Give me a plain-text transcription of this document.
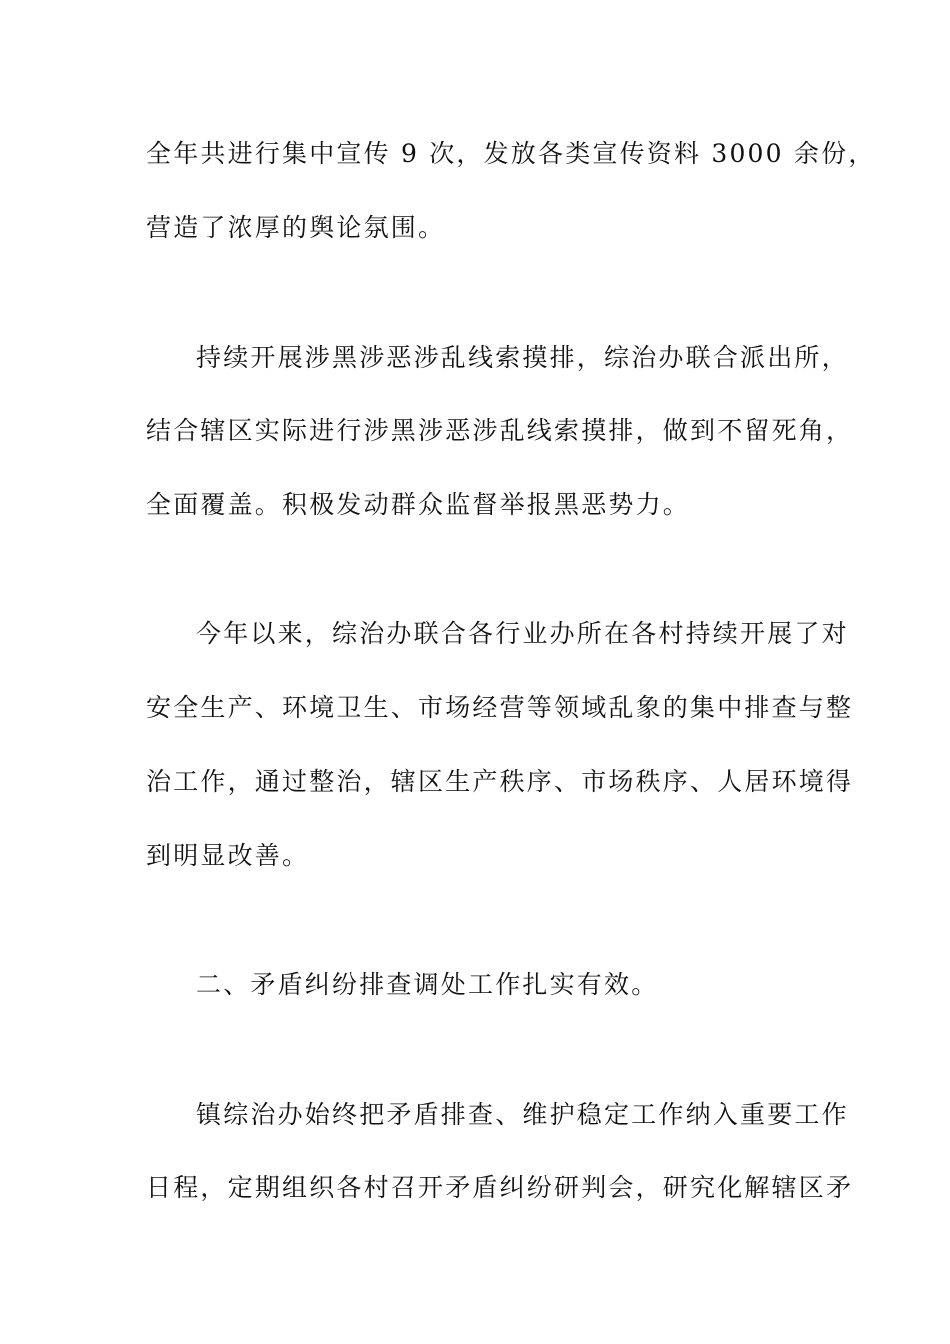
全年共进行集中宣传 9 次，发放各类宣传资料 3000 余份，
营造了浓厚的舆论氛围。
持续开展涉黑涉恶涉乱线索摸排，综治办联合派出所，
结合辖区实际进行涉黑涉恶涉乱线索摸排，做到不留死角，
全面覆盖。积极发动群众监督举报黑恶势力。
今年以来，综治办联合各行业办所在各村持续开展了对
安全生产、环境卫生、市场经营等领域乱象的集中排查与整
治工作，通过整治，辖区生产秩序、市场秩序、人居环境得
到明显改善。
二、矛盾纠纷排查调处工作扎实有效。
镇综治办始终把矛盾排查、维护稳定工作纳入重要工作
日程，定期组织各村召开矛盾纠纷研判会，研究化解辖区矛
